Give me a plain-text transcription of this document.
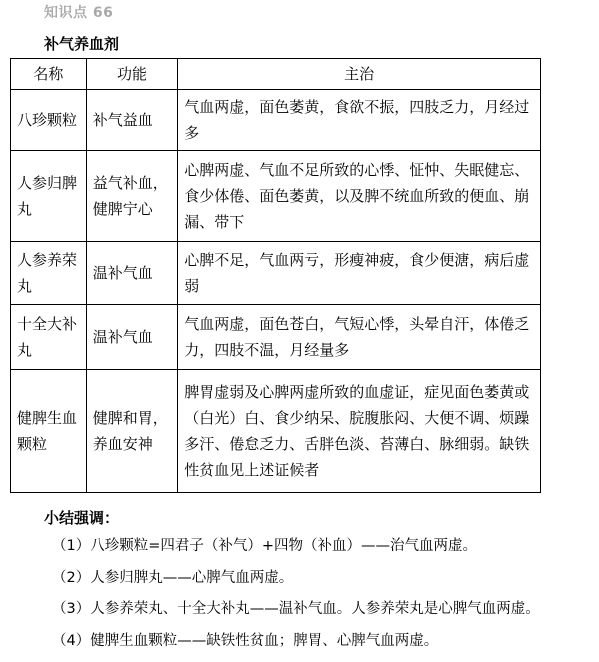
知识点 66
补气养血剂
名称	功能	主治
八珍颗粒	补气益血	气血两虚，面色萎黄，食欲不振，四肢乏力，月经过多
人参归脾丸	益气补血，健脾宁心	心脾两虚、气血不足所致的心悸、怔忡、失眠健忘、食少体倦、面色萎黄，以及脾不统血所致的便血、崩漏、带下
人参养荣丸	温补气血	心脾不足，气血两亏，形瘦神疲，食少便溏，病后虚弱
十全大补丸	温补气血	气血两虚，面色苍白，气短心悸，头晕自汗，体倦乏力，四肢不温，月经量多
健脾生血颗粒	健脾和胃，养血安神	脾胃虚弱及心脾两虚所致的血虚证，症见面色萎黄或（白光）白、食少纳呆、脘腹胀闷、大便不调、烦躁多汗、倦怠乏力、舌胖色淡、苔薄白、脉细弱。缺铁性贫血见上述证候者
小结强调：
（1）八珍颗粒=四君子（补气）+四物（补血）——治气血两虚。
（2）人参归脾丸——心脾气血两虚。
（3）人参养荣丸、十全大补丸——温补气血。人参养荣丸是心脾气血两虚。
（4）健脾生血颗粒——缺铁性贫血；脾胃、心脾气血两虚。
